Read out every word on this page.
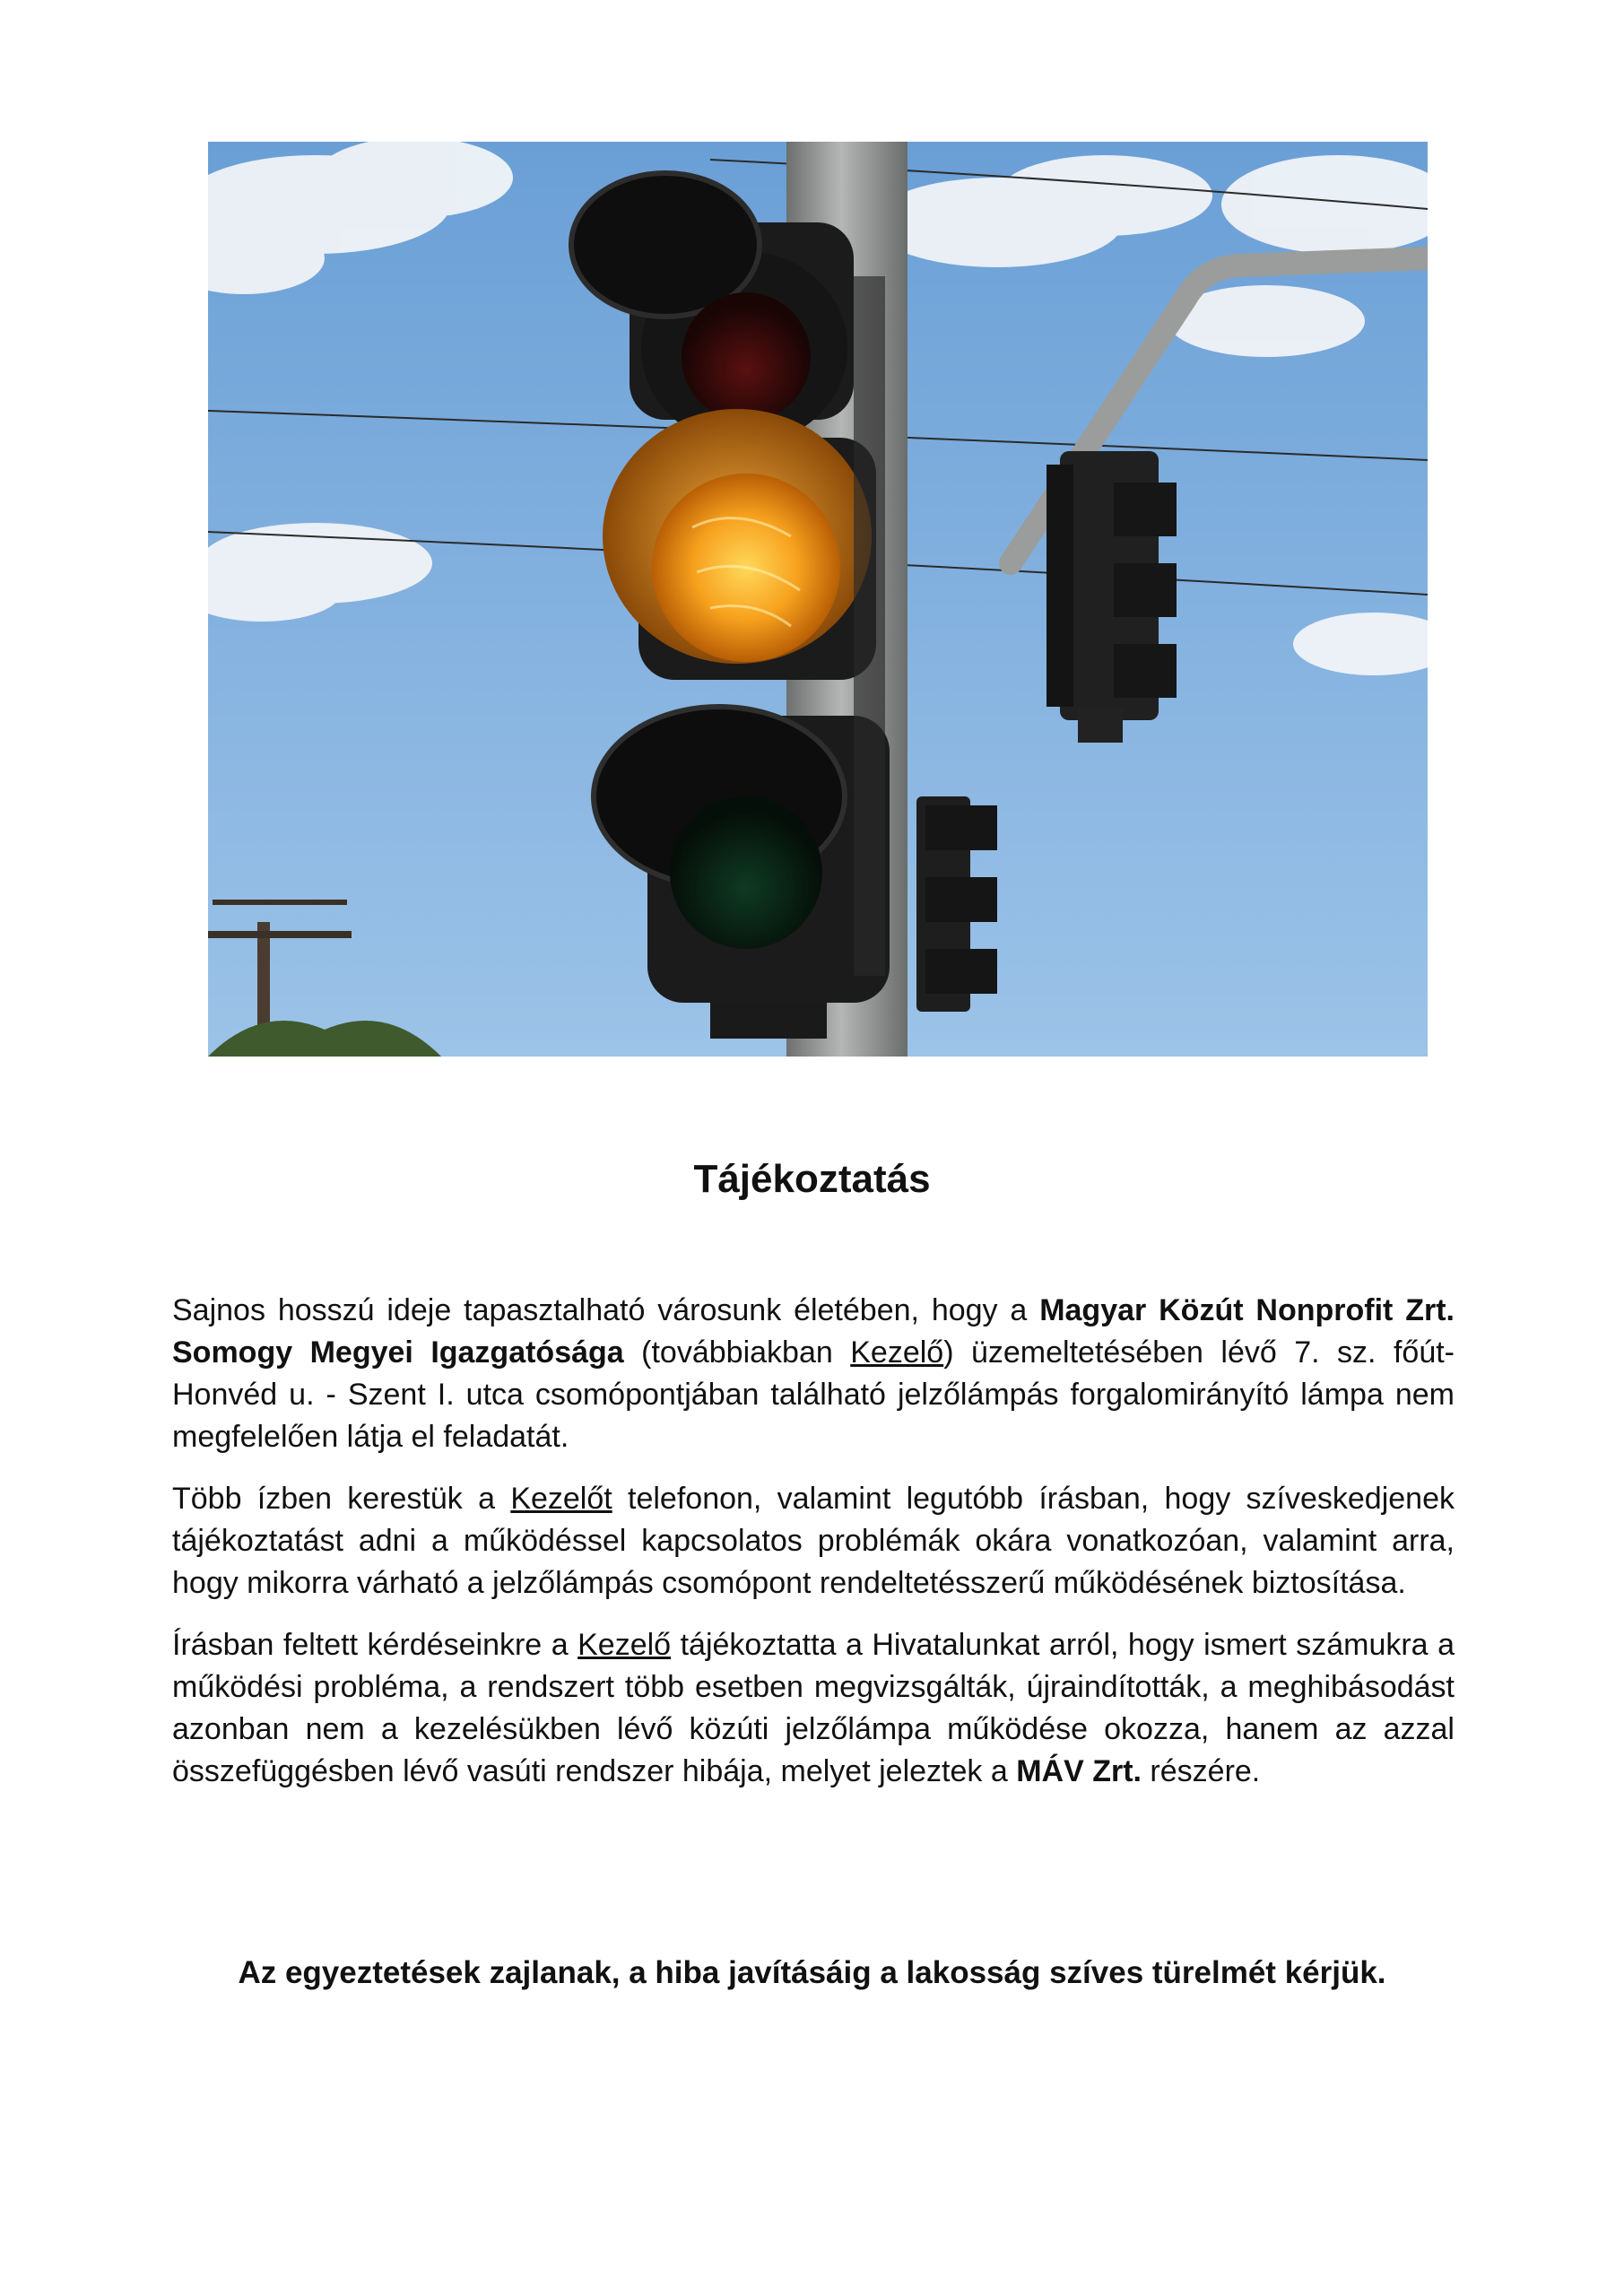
Tájékoztatás

Sajnos hosszú ideje tapasztalható városunk életében, hogy a Magyar Közút Nonprofit Zrt. Somogy Megyei Igazgatósága (továbbiakban Kezelő) üzemeltetésében lévő 7. sz. főút- Honvéd u. - Szent I. utca csomópontjában található jelzőlámpás forgalomirányító lámpa nem megfelelően látja el feladatát.

Több ízben kerestük a Kezelőt telefonon, valamint legutóbb írásban, hogy szíveskedjenek tájékoztatást adni a működéssel kapcsolatos problémák okára vonatkozóan, valamint arra, hogy mikorra várható a jelzőlámpás csomópont rendeltetésszerű működésének biztosítása.

Írásban feltett kérdéseinkre a Kezelő tájékoztatta a Hivatalunkat arról, hogy ismert számukra a működési probléma, a rendszert több esetben megvizsgálták, újraindították, a meghibásodást azonban nem a kezelésükben lévő közúti jelzőlámpa működése okozza, hanem az azzal összefüggésben lévő vasúti rendszer hibája, melyet jeleztek a MÁV Zrt. részére.

Az egyeztetések zajlanak, a hiba javításáig a lakosság szíves türelmét kérjük.
